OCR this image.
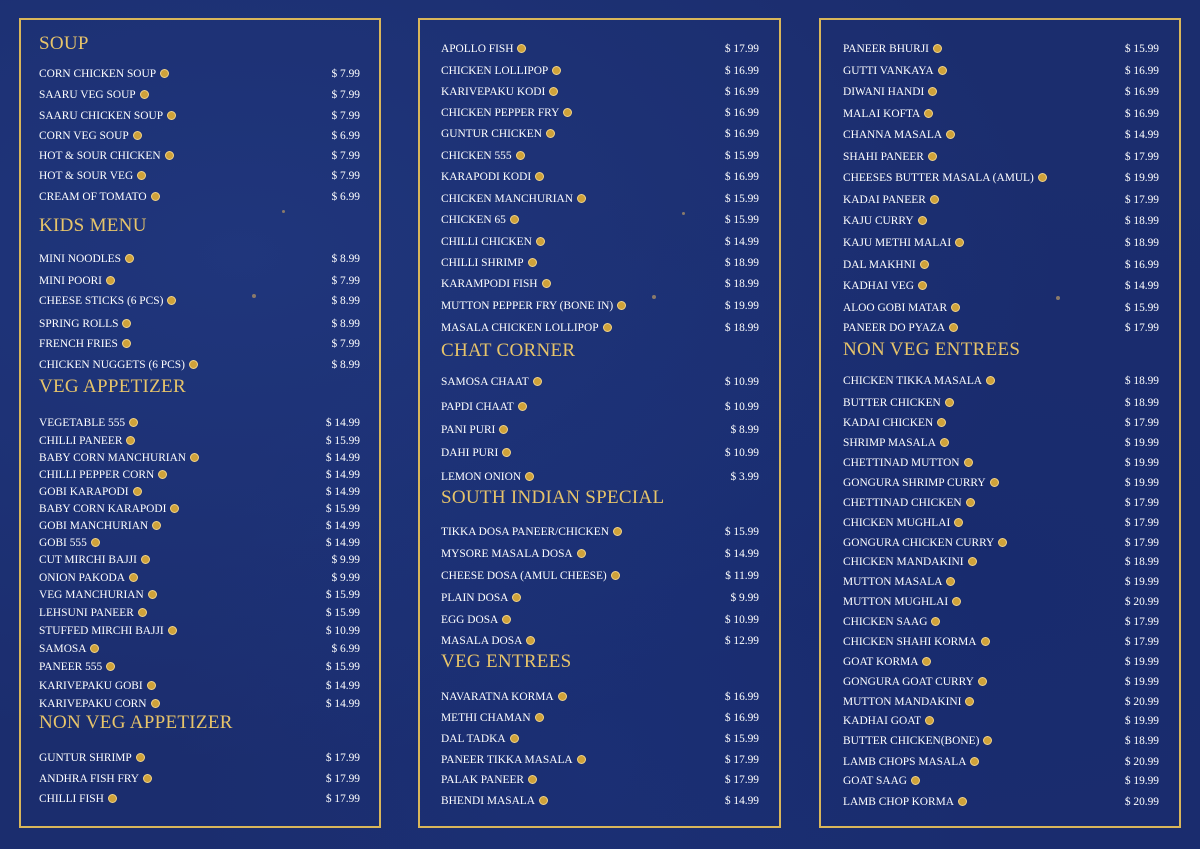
SOUP
CORN CHICKEN SOUP	$ 7.99
SAARU VEG SOUP	$ 7.99
SAARU CHICKEN SOUP	$ 7.99
CORN VEG SOUP	$ 6.99
HOT & SOUR CHICKEN	$ 7.99
HOT & SOUR VEG	$ 7.99
CREAM OF TOMATO	$ 6.99
KIDS MENU
MINI NOODLES	$ 8.99
MINI POORI	$ 7.99
CHEESE STICKS (6 PCS)	$ 8.99
SPRING ROLLS	$ 8.99
FRENCH FRIES	$ 7.99
CHICKEN NUGGETS (6 PCS)	$ 8.99
VEG APPETIZER
VEGETABLE 555	$ 14.99
CHILLI PANEER	$ 15.99
BABY CORN MANCHURIAN	$ 14.99
CHILLI PEPPER CORN	$ 14.99
GOBI KARAPODI	$ 14.99
BABY CORN KARAPODI	$ 15.99
GOBI MANCHURIAN	$ 14.99
GOBI 555	$ 14.99
CUT MIRCHI BAJJI	$ 9.99
ONION PAKODA	$ 9.99
VEG MANCHURIAN	$ 15.99
LEHSUNI PANEER	$ 15.99
STUFFED MIRCHI BAJJI	$ 10.99
SAMOSA	$ 6.99
PANEER 555	$ 15.99
KARIVEPAKU GOBI	$ 14.99
KARIVEPAKU CORN	$ 14.99
NON VEG APPETIZER
GUNTUR SHRIMP	$ 17.99
ANDHRA FISH FRY	$ 17.99
CHILLI FISH	$ 17.99
APOLLO FISH	$ 17.99
CHICKEN LOLLIPOP	$ 16.99
KARIVEPAKU KODI	$ 16.99
CHICKEN PEPPER FRY	$ 16.99
GUNTUR CHICKEN	$ 16.99
CHICKEN 555	$ 15.99
KARAPODI KODI	$ 16.99
CHICKEN MANCHURIAN	$ 15.99
CHICKEN 65	$ 15.99
CHILLI CHICKEN	$ 14.99
CHILLI SHRIMP	$ 18.99
KARAMPODI FISH	$ 18.99
MUTTON PEPPER FRY (BONE IN)	$ 19.99
MASALA CHICKEN LOLLIPOP	$ 18.99
CHAT CORNER
SAMOSA CHAAT	$ 10.99
PAPDI CHAAT	$ 10.99
PANI PURI	$ 8.99
DAHI PURI	$ 10.99
LEMON ONION	$ 3.99
SOUTH INDIAN SPECIAL
TIKKA DOSA PANEER/CHICKEN	$ 15.99
MYSORE MASALA DOSA	$ 14.99
CHEESE DOSA (AMUL CHEESE)	$ 11.99
PLAIN DOSA	$ 9.99
EGG DOSA	$ 10.99
MASALA DOSA	$ 12.99
VEG ENTREES
NAVARATNA KORMA	$ 16.99
METHI CHAMAN	$ 16.99
DAL TADKA	$ 15.99
PANEER TIKKA MASALA	$ 17.99
PALAK PANEER	$ 17.99
BHENDI MASALA	$ 14.99
PANEER BHURJI	$ 15.99
GUTTI VANKAYA	$ 16.99
DIWANI HANDI	$ 16.99
MALAI KOFTA	$ 16.99
CHANNA MASALA	$ 14.99
SHAHI PANEER	$ 17.99
CHEESES BUTTER MASALA (AMUL)	$ 19.99
KADAI PANEER	$ 17.99
KAJU CURRY	$ 18.99
KAJU METHI MALAI	$ 18.99
DAL MAKHNI	$ 16.99
KADHAI VEG	$ 14.99
ALOO GOBI MATAR	$ 15.99
PANEER DO PYAZA	$ 17.99
NON VEG ENTREES
CHICKEN TIKKA MASALA	$ 18.99
BUTTER CHICKEN	$ 18.99
KADAI CHICKEN	$ 17.99
SHRIMP MASALA	$ 19.99
CHETTINAD MUTTON	$ 19.99
GONGURA SHRIMP CURRY	$ 19.99
CHETTINAD CHICKEN	$ 17.99
CHICKEN MUGHLAI	$ 17.99
GONGURA CHICKEN CURRY	$ 17.99
CHICKEN MANDAKINI	$ 18.99
MUTTON MASALA	$ 19.99
MUTTON MUGHLAI	$ 20.99
CHICKEN SAAG	$ 17.99
CHICKEN SHAHI KORMA	$ 17.99
GOAT KORMA	$ 19.99
GONGURA GOAT CURRY	$ 19.99
MUTTON MANDAKINI	$ 20.99
KADHAI GOAT	$ 19.99
BUTTER CHICKEN(BONE)	$ 18.99
LAMB CHOPS MASALA	$ 20.99
GOAT SAAG	$ 19.99
LAMB CHOP KORMA	$ 20.99
